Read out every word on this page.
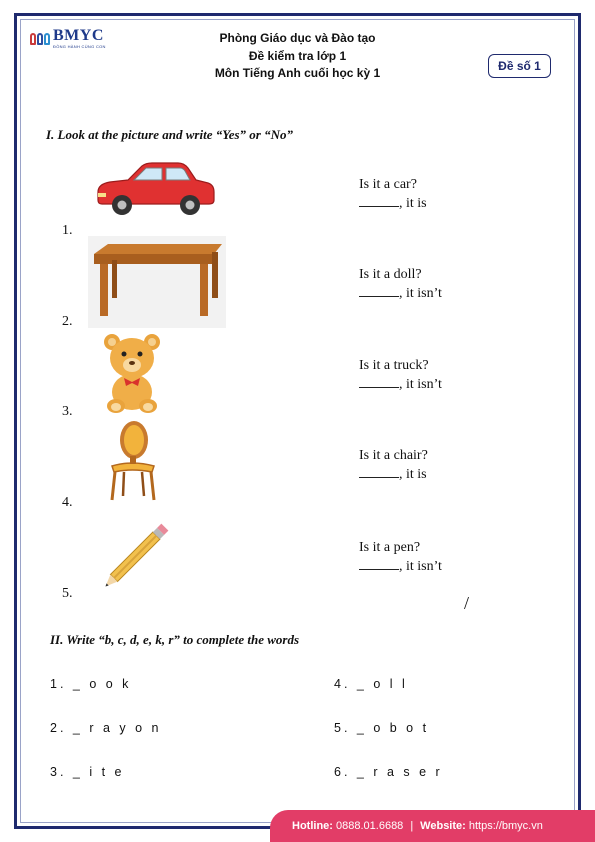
BMYC
ĐỒNG HÀNH CÙNG CON
Phòng Giáo dục và Đào tạo
Đề kiểm tra lớp 1
Môn Tiếng Anh cuối học kỳ 1	Đề số 1
I. Look at the picture and write “Yes” or “No”
1.
Is it a car?
, it is
2.
Is it a doll?
, it isn’t
3.
Is it a truck?
, it isn’t
4.
Is it a chair?
, it is
5.
Is it a pen?
, it isn’t
/
II. Write “b, c, d, e, k, r” to complete the words
1. _ o o k
2. _ r a y o n
3. _ i t e
4. _ o l l
5. _ o b o t
6. _ r a s e r
Hotline:
0888.01.6688 | Website:
https://bmyc.vn
